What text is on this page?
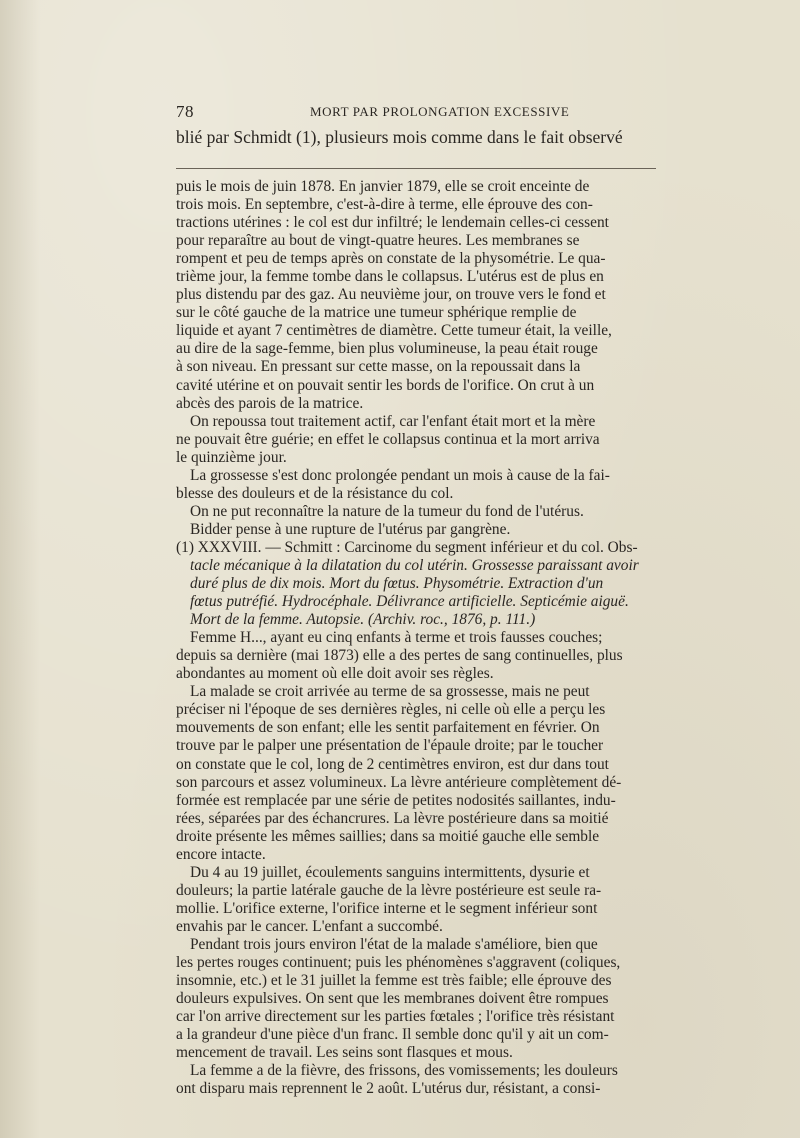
78	MORT PAR PROLONGATION EXCESSIVE
blié par Schmidt (1), plusieurs mois comme dans le fait observé
puis le mois de juin 1878. En janvier 1879, elle se croit enceinte de
trois mois. En septembre, c'est-à-dire à terme, elle éprouve des con-
tractions utérines : le col est dur infiltré; le lendemain celles-ci cessent
pour reparaître au bout de vingt-quatre heures. Les membranes se
rompent et peu de temps après on constate de la physométrie. Le qua-
trième jour, la femme tombe dans le collapsus. L'utérus est de plus en
plus distendu par des gaz. Au neuvième jour, on trouve vers le fond et
sur le côté gauche de la matrice une tumeur sphérique remplie de
liquide et ayant 7 centimètres de diamètre. Cette tumeur était, la veille,
au dire de la sage-femme, bien plus volumineuse, la peau était rouge
à son niveau. En pressant sur cette masse, on la repoussait dans la
cavité utérine et on pouvait sentir les bords de l'orifice. On crut à un
abcès des parois de la matrice.
On repoussa tout traitement actif, car l'enfant était mort et la mère
ne pouvait être guérie; en effet le collapsus continua et la mort arriva
le quinzième jour.
La grossesse s'est donc prolongée pendant un mois à cause de la fai-
blesse des douleurs et de la résistance du col.
On ne put reconnaître la nature de la tumeur du fond de l'utérus.
Bidder pense à une rupture de l'utérus par gangrène.
(1) XXXVIII. — Schmitt : Carcinome du segment inférieur et du col. Obs-
tacle mécanique à la dilatation du col utérin. Grossesse paraissant avoir
duré plus de dix mois. Mort du fœtus. Physométrie. Extraction d'un
fœtus putréfié. Hydrocéphale. Délivrance artificielle. Septicémie aiguë.
Mort de la femme. Autopsie. (Archiv. roc., 1876, p. 111.)
Femme H..., ayant eu cinq enfants à terme et trois fausses couches;
depuis sa dernière (mai 1873) elle a des pertes de sang continuelles, plus
abondantes au moment où elle doit avoir ses règles.
La malade se croit arrivée au terme de sa grossesse, mais ne peut
préciser ni l'époque de ses dernières règles, ni celle où elle a perçu les
mouvements de son enfant; elle les sentit parfaitement en février. On
trouve par le palper une présentation de l'épaule droite; par le toucher
on constate que le col, long de 2 centimètres environ, est dur dans tout
son parcours et assez volumineux. La lèvre antérieure complètement dé-
formée est remplacée par une série de petites nodosités saillantes, indu-
rées, séparées par des échancrures. La lèvre postérieure dans sa moitié
droite présente les mêmes saillies; dans sa moitié gauche elle semble
encore intacte.
Du 4 au 19 juillet, écoulements sanguins intermittents, dysurie et
douleurs; la partie latérale gauche de la lèvre postérieure est seule ra-
mollie. L'orifice externe, l'orifice interne et le segment inférieur sont
envahis par le cancer. L'enfant a succombé.
Pendant trois jours environ l'état de la malade s'améliore, bien que
les pertes rouges continuent; puis les phénomènes s'aggravent (coliques,
insomnie, etc.) et le 31 juillet la femme est très faible; elle éprouve des
douleurs expulsives. On sent que les membranes doivent être rompues
car l'on arrive directement sur les parties fœtales ; l'orifice très résistant
a la grandeur d'une pièce d'un franc. Il semble donc qu'il y ait un com-
mencement de travail. Les seins sont flasques et mous.
La femme a de la fièvre, des frissons, des vomissements; les douleurs
ont disparu mais reprennent le 2 août. L'utérus dur, résistant, a consi-
